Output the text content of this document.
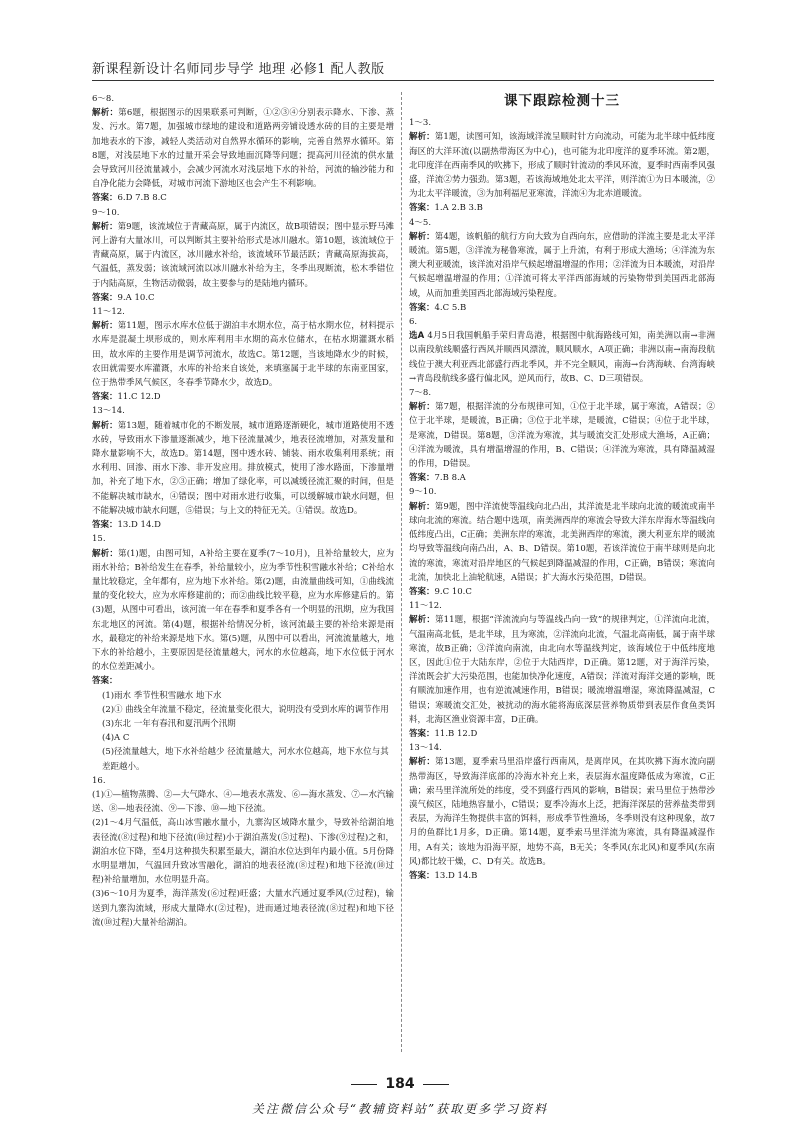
新课程新设计名师同步导学 地理 必修1 配人教版
6～8.
解析：第6题，根据图示的因果联系可判断，①②③④分别表示降水、下渗、蒸发、污水。第7题，加强城市绿地的建设和道路两旁铺设透水砖的目的主要是增加地表水的下渗，减轻人类活动对自然界水循环的影响，完善自然界水循环。第8题，对浅层地下水的过量开采会导致地面沉降等问题；提高河川径流的供水量会导致河川径流量减小，会减少河流水对浅层地下水的补给，河流的输沙能力和自净化能力会降低，对城市河流下游地区也会产生不利影响。
答案：6.D 7.B 8.C
9～10.
解析：第9题，该流域位于青藏高原，属于内流区，故B项错误；图中显示野马滩河上游有大量冰川，可以判断其主要补给形式是冰川融水。第10题，该流域位于青藏高原，属于内流区，冰川融水补给，该流域环节最活跃；青藏高原海拔高，气温低，蒸发弱；该流域河流以冰川融水补给为主，冬季出现断流，松木季错位于内陆高原，生物活动微弱，故主要参与的是陆地内循环。
答案：9.A 10.C
11～12.
解析：第11题，图示水库水位低于湖泊丰水期水位，高于枯水期水位，材料提示水库是混凝土坝形成的，则水库利用丰水期的高水位储水，在枯水期灌溉水稻田，故水库的主要作用是调节河流水，故选C。第12题，当该地降水少的时候，农田就需要水库灌溉，水库的补给来自该处，来填塞属于北半球的东南亚国家，位于热带季风气候区，冬春季节降水少，故选D。
答案：11.C 12.D
13～14.
解析：第13题，随着城市化的不断发展，城市道路逐渐硬化，城市道路使用不透水砖，导致雨水下渗量逐渐减少，地下径流量减少，地表径流增加，对蒸发量和降水量影响不大，故选D。第14题，图中透水砖、铺装、雨水收集利用系统；雨水利用、回渗、雨水下渗、非开发应用。排放模式，使用了渗水路面，下渗量增加，补充了地下水，②③正确；增加了绿化率，可以减缓径流汇聚的时间，但是不能解决城市缺水，④错误；图中对雨水进行收集，可以缓解城市缺水问题，但不能解决城市缺水问题，⑤错误；与上文的特征无关。①错误。故选D。
答案：13.D 14.D
15.
解析：第(1)题，由图可知，A补给主要在夏季(7～10月)，且补给量较大，应为雨水补给；B补给发生在春季，补给量较小，应为季节性积雪融水补给；C补给水量比较稳定，全年都有，应为地下水补给。第(2)题，由流量曲线可知，①曲线流量的变化较大，应为水库修建前的；而②曲线比较平稳，应为水库修建后的。第(3)题，从图中可看出，该河流一年在春季和夏季各有一个明显的汛期，应为我国东北地区的河流。第(4)题，根据补给情况分析，该河流最主要的补给来源是雨水，最稳定的补给来源是地下水。第(5)题，从图中可以看出，河流流量越大，地下水的补给越小，主要原因是径流量越大，河水的水位越高，地下水位低于河水的水位差距减小。
答案：
(1)雨水 季节性积雪融水 地下水
(2)① 曲线全年流量不稳定，径流量变化很大，说明没有受到水库的调节作用
(3)东北 一年有春汛和夏汛两个汛期
(4)A C
(5)径流量越大，地下水补给越少 径流量越大，河水水位越高，地下水位与其差距越小。
16.
(1)①—植物蒸腾、②—大气降水、④—地表水蒸发、⑥—海水蒸发、⑦—水汽输送、⑧—地表径流、⑨—下渗、⑩—地下径流。
(2)1～4月气温低，高山冰雪融水量小，九寨沟区域降水量少，导致补给湖泊地表径流(⑧过程)和地下径流(⑩过程)小于湖泊蒸发(⑤过程)、下渗(⑨过程)之和，湖泊水位下降，至4月这种损失积累至最大，湖泊水位达到年内最小值。5月份降水明显增加，气温回升致冰雪融化，湖泊的地表径流(⑧过程)和地下径流(⑩过程)补给量增加，水位明显升高。
(3)6～10月为夏季，海洋蒸发(⑥过程)旺盛；大量水汽通过夏季风(⑦过程)，输送到九寨沟流域，形成大量降水(②过程)，进而通过地表径流(⑧过程)和地下径流(⑩过程)大量补给湖泊。
课下跟踪检测十三
1～3.
解析：第1题，读图可知，该海域洋流呈顺时针方向流动，可能为北半球中低纬度海区的大洋环流(以副热带海区为中心)，也可能为北印度洋的夏季环流。第2题，北印度洋在西南季风的吹拂下，形成了顺时针流动的季风环流，夏季时西南季风强盛，洋流②势力强劲。第3题，若该海域地处北太平洋，则洋流①为日本暖流，②为北太平洋暖流，③为加利福尼亚寒流，洋流④为北赤道暖流。
答案：1.A 2.B 3.B
4～5.
解析：第4题，该帆船的航行方向大致为自西向东，应借助的洋流主要是北太平洋暖流。第5题，③洋流为秘鲁寒流，属于上升流，有利于形成大渔场；④洋流为东澳大利亚暖流，该洋流对沿岸气候起增温增湿的作用；②洋流为日本暖流，对沿岸气候起增温增湿的作用；①洋流可将太平洋西部海域的污染物带到美国西北部海域，从而加重美国西北部海域污染程度。
答案：4.C 5.B
6.
选A 4月5日我国帆船手荣归青岛港，根据图中航海路线可知，南美洲以南→非洲以南段航线顺盛行西风并顺西风漂流，顺风顺水，A项正确；非洲以南→南海段航线位于澳大利亚西北部盛行西北季风，并不完全顺风，南海→台湾海峡、台湾海峡→青岛段航线多盛行偏北风，逆风而行，故B、C、D三项错误。
7～8.
解析：第7题，根据洋流的分布规律可知，①位于北半球，属于寒流，A错误；②位于北半球，是暖流，B正确；③位于北半球，是暖流，C错误；④位于北半球，是寒流，D错误。第8题，③洋流为寒流，其与暖流交汇处形成大渔场，A正确；④洋流为暖流，具有增温增湿的作用，B、C错误；④洋流为寒流，具有降温减湿的作用，D错误。
答案：7.B 8.A
9～10.
解析：第9题，图中洋流使等温线向北凸出，其洋流是北半球向北流的暖流或南半球向北流的寒流。结合题中选项，南美洲西岸的寒流会导致大洋东岸海水等温线向低纬度凸出，C正确；美洲东岸的寒流，北美洲西岸的寒流，澳大利亚东岸的暖流均导致等温线向南凸出，A、B、D错误。第10题，若该洋流位于南半球则是向北流的寒流，寒流对沿岸地区的气候起到降温减湿的作用，C正确，B错误；寒流向北流，加快北上油轮航速，A错误；扩大海水污染范围，D错误。
答案：9.C 10.C
11～12.
解析：第11题，根据“洋流流向与等温线凸向一致”的规律判定，①洋流向北流，气温南高北低，是北半球，且为寒流，②洋流向北流，气温北高南低，属于南半球寒流，故B正确；③洋流向南流，由北向水等温线判定，该海域位于中低纬度地区，因此①位于大陆东岸，②位于大陆西岸，D正确。第12题，对于海洋污染，洋流既会扩大污染范围，也能加快净化速度，A错误；洋流对海洋交通的影响，既有顺流加速作用，也有逆流减速作用，B错误；暖流增温增湿，寒流降温减湿，C错误；寒暖流交汇处，被扰动的海水能将海底深层营养物质带到表层作食鱼类饵料，北海区渔业资源丰富，D正确。
答案：11.B 12.D
13～14.
解析：第13题，夏季索马里沿岸盛行西南风，是离岸风，在其吹拂下海水流向副热带海区，导致海洋底部的冷海水补充上来，表层海水温度降低成为寒流，C正确；索马里洋流所处的纬度，受不到盛行西风的影响，B错误；索马里位于热带沙漠气候区，陆地热容量小，C错误；夏季冷海水上泛，把海洋深层的营养盐类带到表层，为海洋生物提供丰富的饵料，形成季节性渔场，冬季则没有这种现象，故7月的鱼群比1月多，D正确。第14题，夏季索马里洋流为寒流，具有降温减湿作用，A有关；该地为沿海平原，地势不高，B无关；冬季风(东北风)和夏季风(东南风)都比较干燥，C、D有关。故选B。
答案：13.D 14.B
184
关注微信公众号“教辅资料站”获取更多学习资料
